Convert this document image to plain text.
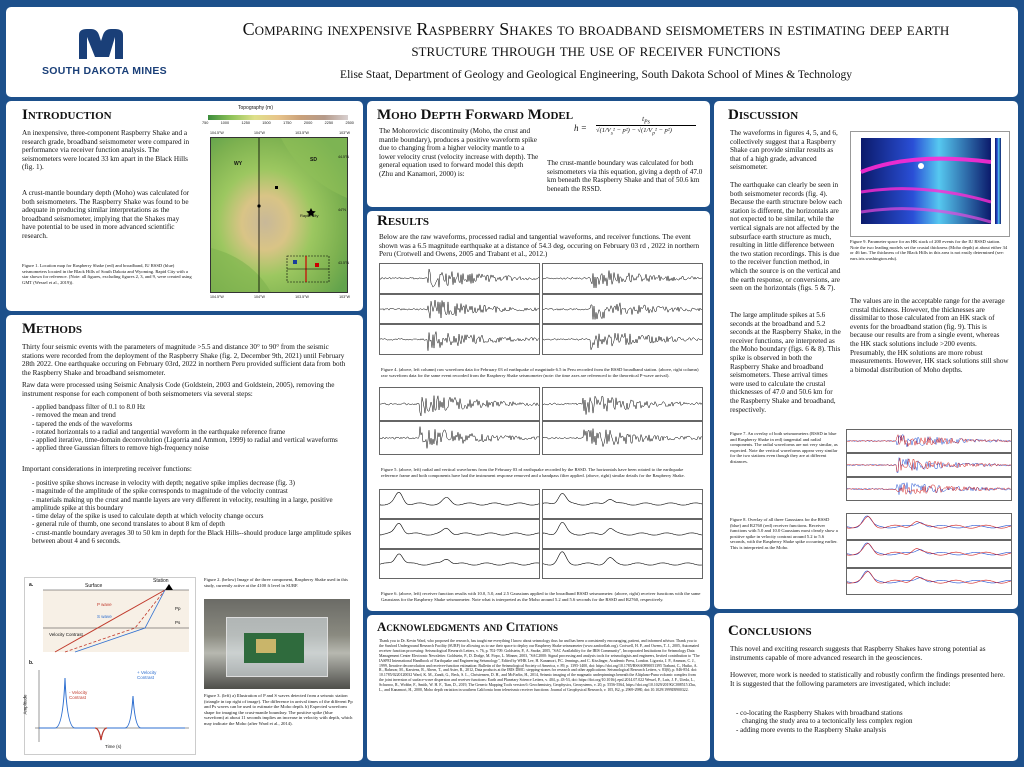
SOUTH DAKOTA MINES
Comparing inexpensive Raspberry Shakes to broadband seismometers in estimating deep earth structure through the use of receiver functions
Elise Staat, Department of Geology and Geological Engineering, South Dakota School of Mines & Technology
Introduction

An inexpensive, three-component Raspberry Shake and a research grade, broadband seismometer were compared in performance via receiver function analysis. The seismometers were located 33 km apart in the Black Hills (fig. 1).

A crust-mantle boundary depth (Moho) was calculated for both seismometers. The Raspberry Shake was found to be adequate in producing similar interpretations as the broadband seismometer, implying that the Shakes may have potential to be used in more advanced scientific research.

Figure 1. Location map for Raspberry Shake (red) and broadband, IU RSSD (blue) seismometers located in the Black Hills of South Dakota and Wyoming. Rapid City with a star shown for reference. (Note: all figures, excluding figures 2, 3, and 9, were created using GMT (Wessel et al., 2019)).

Topography (m)
750	1000	1250	1500	1750	2000	2250	2500
104.5°W	104°W	103.5°W	103°W
WY
SD
Rapid City
44.5°N
44°N
43.5°N
104.5°W	104°W	103.5°W	103°W
Methods

Thirty four seismic events with the parameters of magnitude >5.5 and distance 30° to 90° from the seismic stations were recorded from the deployment of the Raspberry Shake (fig. 2, December 9th, 2021) until February 28th 2022. One earthquake occuring on February 03rd, 2022 in northern Peru provided sufficient data from both the Raspberry Shake and broadband seismometer.

Raw data were processed using Seismic Analysis Code (Goldstein, 2003 and Goldstein, 2005), removing the instrument response for each component of both seismometers via several steps:

- applied bandpass filter of 0.1 to 8.0 Hz
- removed the mean and trend
- tapered the ends of the waveforms
- rotated horizontals to a radial and tangential waveform in the earthquake reference frame
- applied iterative, time-domain deconvolution (Ligorria and Ammon, 1999) to radial and vertical waveforms
- applied three Gaussian filters to remove high-frequency noise

Important considerations in interpreting receiver functions:

- positive spike shows increase in velocity with depth; negative spike implies decrease (fig. 3)
- magnitude of the amplitude of the spike corresponds to magnitude of the velocity contrast
- materials making up the crust and mantle layers are very different in velocity, resulting in a large, positive amplitude spike at this boundary
- time delay of the spike is used to calculate depth at which velocity change occurs
- general rule of thumb, one second translates to about 8 km of depth
- crust-mantle boundary averages 30 to 50 km in depth for the Black Hills--should produce large amplitude spikes between about 4 and 6 seconds.
a.	Surface
Station
P wave
S wave
Pp
Ps
Velocity Contrast
b.
- Velocity Contrast
+ Velocity Contrast
Amplitude
Time (s)

Figure 2. (below) Image of the three component, Raspberry Shake used in this study, currently active at the 4100 ft level in SURF.

Figure 3. (left) a) Illustration of P and S waves detected from a seismic station (triangle in top right of image). The difference in arrival times of the different Pp and Ps waves can be used to estimate the Moho depth. b) Expected waveform shape for imaging the crust-mantle boundary. The positive spike (blue waveform) at about 11 seconds implies an increase in velocity with depth, which may indicate the Moho (after Ward et al., 2014).

Moho Depth Forward Model

The Mohorovicic discontinuity (Moho, the crust and mantle boundary), produces a positive waveform spike due to changing from a higher velocity mantle to a lower velocity crust (velocity increase with depth). The general equation used to forward model this depth (Zhu and Kanamori, 2000) is:

h =
$t_{Ps}$
$√(1/V_s^2 - p^2) - √(1/V_p^2 - p^2)$

The crust-mantle boundary was calculated for both seismometers via this equation, giving a depth of 47.0 km beneath the Raspberry Shake and that of 50.6 km beneath the RSSD.

Results

Below are the raw waveforms, processed radial and tangential waveforms, and receiver functions. The event shown was a 6.5 magnitude earthquake at a distance of 54.3 deg, occuring on February 03 rd , 2022 in northern Peru (Crotwell and Owens, 2005 and Trabant et al., 2012.)

Figure 4. (above, left column) raw waveform data for February 03 rd earthquake of magnitude 6.5 in Peru recorded from the RSSD broadband station. (above, right column) raw waveform data for the same event recorded from the Raspberry Shake seismometer (note: the time axes are referenced to the theoretical P-wave arrival).

Figure 5. (above, left) radial and vertical waveforms from the February 03 rd earthquake recorded by the RSSD. The horizontals have been rotated to the earthquake reference frame and both components have had the instrument response removed and a bandpass filter applied. (above, right) similar details for the Raspberry Shake.

Figure 6. (above, left) receiver function results with 10.0, 5.0, and 2.5 Gaussians applied to the broadband RSSD seismometer. (above, right) receiver functions with the same Gaussians for the Raspberry Shake seismometer. Note what is interpreted as the Moho around 5.2 and 5.6 seconds for the RSSD and R2760, respectively.

Acknowledgments and Citations

Thank you to Dr. Kevin Ward, who proposed the research, has taught me everything I know about seismology thus far and has been a consistently encouraging, patient, and informed advisor. Thank you to the Sanford Underground Research Facility (SURF) for allowing us to use their space to deploy our Raspberry Shake seismometer (www.sanfordlab.org). Crotwell, H. P., and Owens, T. J., 2005, Automated receiver function processing: Seismological Research Letters, v. 76, p. 702-709. Goldstein, P., A. Snoke, 2005, "SAC Availability for the IRIS Community", Incorporated Institutions for Seismology Data Management Center Electronic Newsletter. Goldstein, P., D. Dodge, M. Firpo, L. Minner, 2003, "SAC2000: Signal processing and analysis tools for seismologists and engineers, Invited contribution to "The IASPEI International Handbook of Earthquake and Engineering Seismology", Edited by WHK Lee, H. Kanamori, P.C. Jennings, and C. Kisslinger, Academic Press, London. Ligorria, J. P., Ammon, C. J., 1999, Iterative deconvolution and receiver-function estimation: Bulletin of the Seismological Society of America, v. 89, p. 1395-1400, doi: https://doi.org/10.1785/BSSA0890051395 Trabant, C., Hutko, A. R., Bahavar, M., Karstens, R., Ahern, T., and Aster, R., 2012, Data products at the IRIS DMC: stepping-stones for research and other applications: Seismological Research Letters, v. 83(6), p. 846-854. doi: 10.1785/0220120032 Ward, K. M., Zandt, G., Beck, S. L., Christensen, D. H., and McFarlin, H., 2014, Seismic imaging of the magmatic underpinnings beneath the Altiplano-Puna volcanic complex from the joint inversion of surface-wave dispersion and receiver functions: Earth and Planetary Science Letters, v. 404, p. 43-53, doi: https://doi.org/10.1016/j.epsl.2014.07.022 Wessel, P., Luis, J. F., Uieda, L., Scharroo, R., Wobbe, F., Smith, W. H. F., Tian, D., 2019, The Generic Mapping Tools version 6: Geochemistry, Geophysics, Geosystems, v. 20, p. 5556-5564, https://doi.org/10.1029/2019GC008515 Zhu, L., and Kanamori, H., 2000, Moho depth variation in southern California from teleseismic receiver functions: Journal of Geophysical Research, v. 105, B2, p. 2969-2980, doi:10.1029/1999JB900322.

Discussion

The waveforms in figures 4, 5, and 6, collectively suggest that a Raspberry Shake can provide similar results as that of a high grade, advanced seismometer.

The earthquake can clearly be seen in both seismometer records (fig. 4). Because the earth structure below each station is different, the horizontals are not expected to be similar, while the vertical signals are not affected by the subsurface earth structure as much, resulting in little difference between the two station recordings. This is due to the receiver function method, in which the source is on the vertical and the earth response, or conversions, are seen on the horizontals (figs. 5 & 7).

The large amplitude spikes at 5.6 seconds at the broadband and 5.2 seconds at the Raspberry Shake, in the receiver functions, are interpreted as the Moho boundary (figs. 6 & 8). This spike is observed in both the Raspberry Shake and broadband seismometers. These arrival times were used to calculate the crustal thicknesses of 47.0 and 50.6 km for the Raspberry Shake and broadband, respectively.

Figure 9. Parameter space for an HK stack of 200 events for the IU RSSD station. Note the two leading models set the crustal thickness (Moho depth) at about either 34 or 46 km. The thickness of the Black Hills in this area is not easily determined (see: ears.iris.washington.edu).

The values are in the acceptable range for the average crustal thickness. However, the thicknesses are dissimilar to those calculated from an HK stack of events for the broadband station (fig. 9). This is because our results are from a single event, whereas the HK stack solutions include >200 events. Presumably, the HK solutions are more robust measurements. However, HK stack solutions still show a bimodal distribution of Moho depths.

Figure 7. An overlay of both seismometers (RSSD in blue and Raspberry Shake in red) tangential and radial components. The radial waveforms are not very similar, as expected. Note the vertical waveforms appear very similar for the two stations even though they are at different distances.

Figure 8. Overlay of all three Gaussians for the RSSD (blue) and R2760 (red) receiver functions. Receiver functions with 5.0 and 10.0 Gaussians most clearly show a positive spike in velocity contrast around 5.2 to 5.6 seconds, with the Raspberry Shake spike occurring earlier. This is interpreted as the Moho.

Conclusions

This novel and exciting research suggests that Raspberry Shakes have strong potential as instruments capable of more advanced research in the geosciences.

However, more work is needed to statistically and robustly confirm the findings presented here. It is suggested that the following parameters are investigated, which include:

- co-locating the Raspberry Shakes with broadband stations
changing the study area to a tectonically less complex region
- adding more events to the Raspberry Shake analysis
